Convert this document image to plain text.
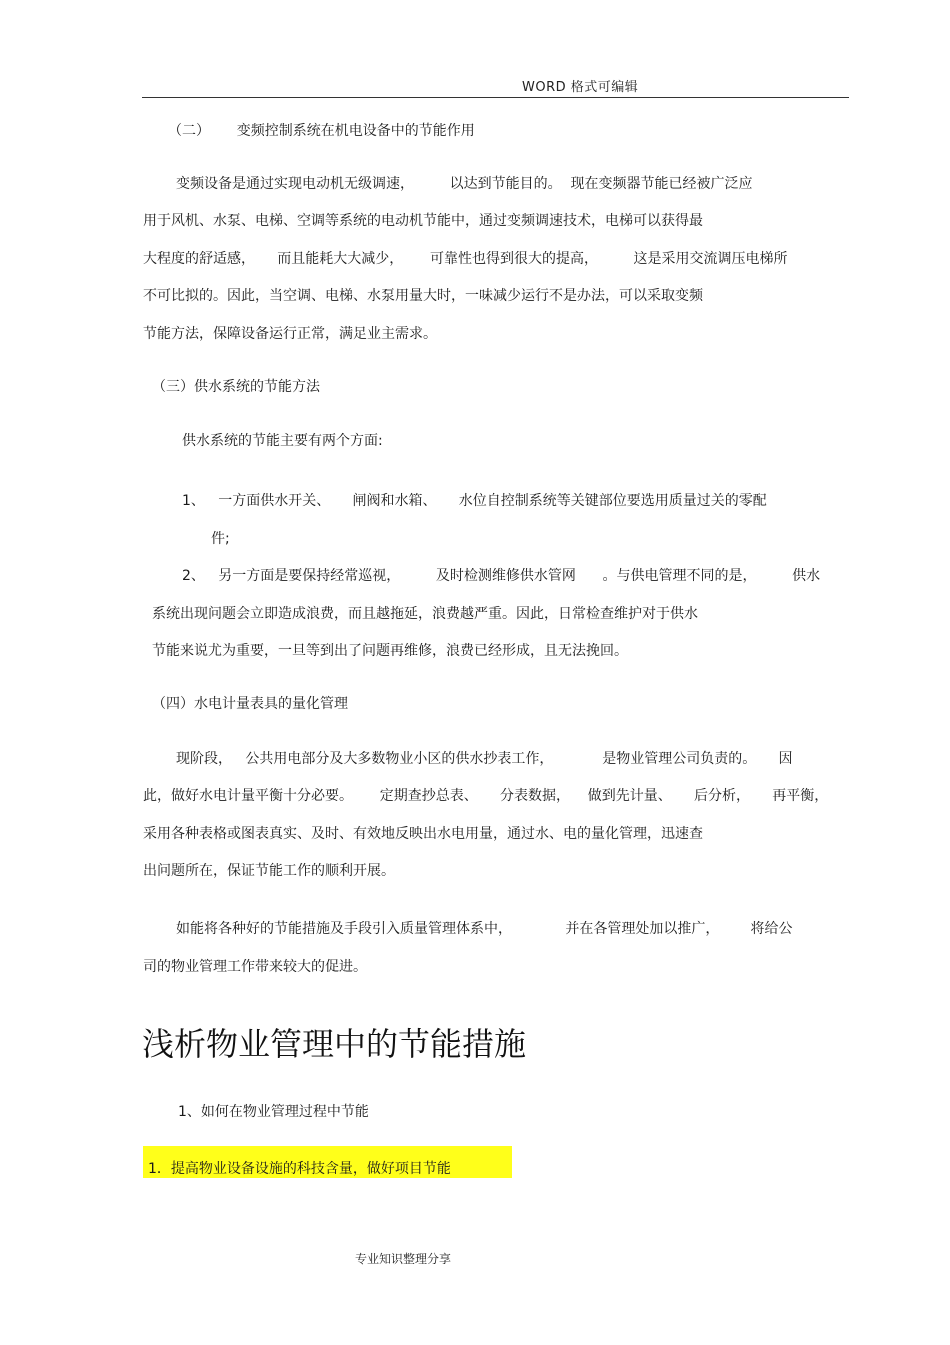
WORD 格式可编辑
（二）      变频控制系统在机电设备中的节能作用
变频设备是通过实现电动机无级调速，        以达到节能目的。  现在变频器节能已经被广泛应
用于风机、水泵、电梯、空调等系统的电动机节能中，通过变频调速技术，电梯可以获得最
大程度的舒适感，     而且能耗大大减少，      可靠性也得到很大的提高，        这是采用交流调压电梯所
不可比拟的。因此，当空调、电梯、水泵用量大时，一味减少运行不是办法，可以采取变频
节能方法，保障设备运行正常，满足业主需求。
（三）供水系统的节能方法
供水系统的节能主要有两个方面:
1、   一方面供水开关、     闸阀和水箱、     水位自控制系统等关键部位要选用质量过关的零配
件;
2、   另一方面是要保持经常巡视，        及时检测维修供水管网      。与供电管理不同的是，        供水
系统出现问题会立即造成浪费，而且越拖延，浪费越严重。因此，日常检查维护对于供水
节能来说尤为重要，一旦等到出了问题再维修，浪费已经形成，且无法挽回。
（四）水电计量表具的量化管理
现阶段，   公共用电部分及大多数物业小区的供水抄表工作，           是物业管理公司负责的。     因
此，做好水电计量平衡十分必要。      定期查抄总表、     分表数据，    做到先计量、     后分析，     再平衡，
采用各种表格或图表真实、及时、有效地反映出水电用量，通过水、电的量化管理，迅速查
出问题所在，保证节能工作的顺利开展。
如能将各种好的节能措施及手段引入质量管理体系中，            并在各管理处加以推广，       将给公
司的物业管理工作带来较大的促进。
浅析物业管理中的节能措施
1、如何在物业管理过程中节能
1．提高物业设备设施的科技含量，做好项目节能
专业知识整理分享
